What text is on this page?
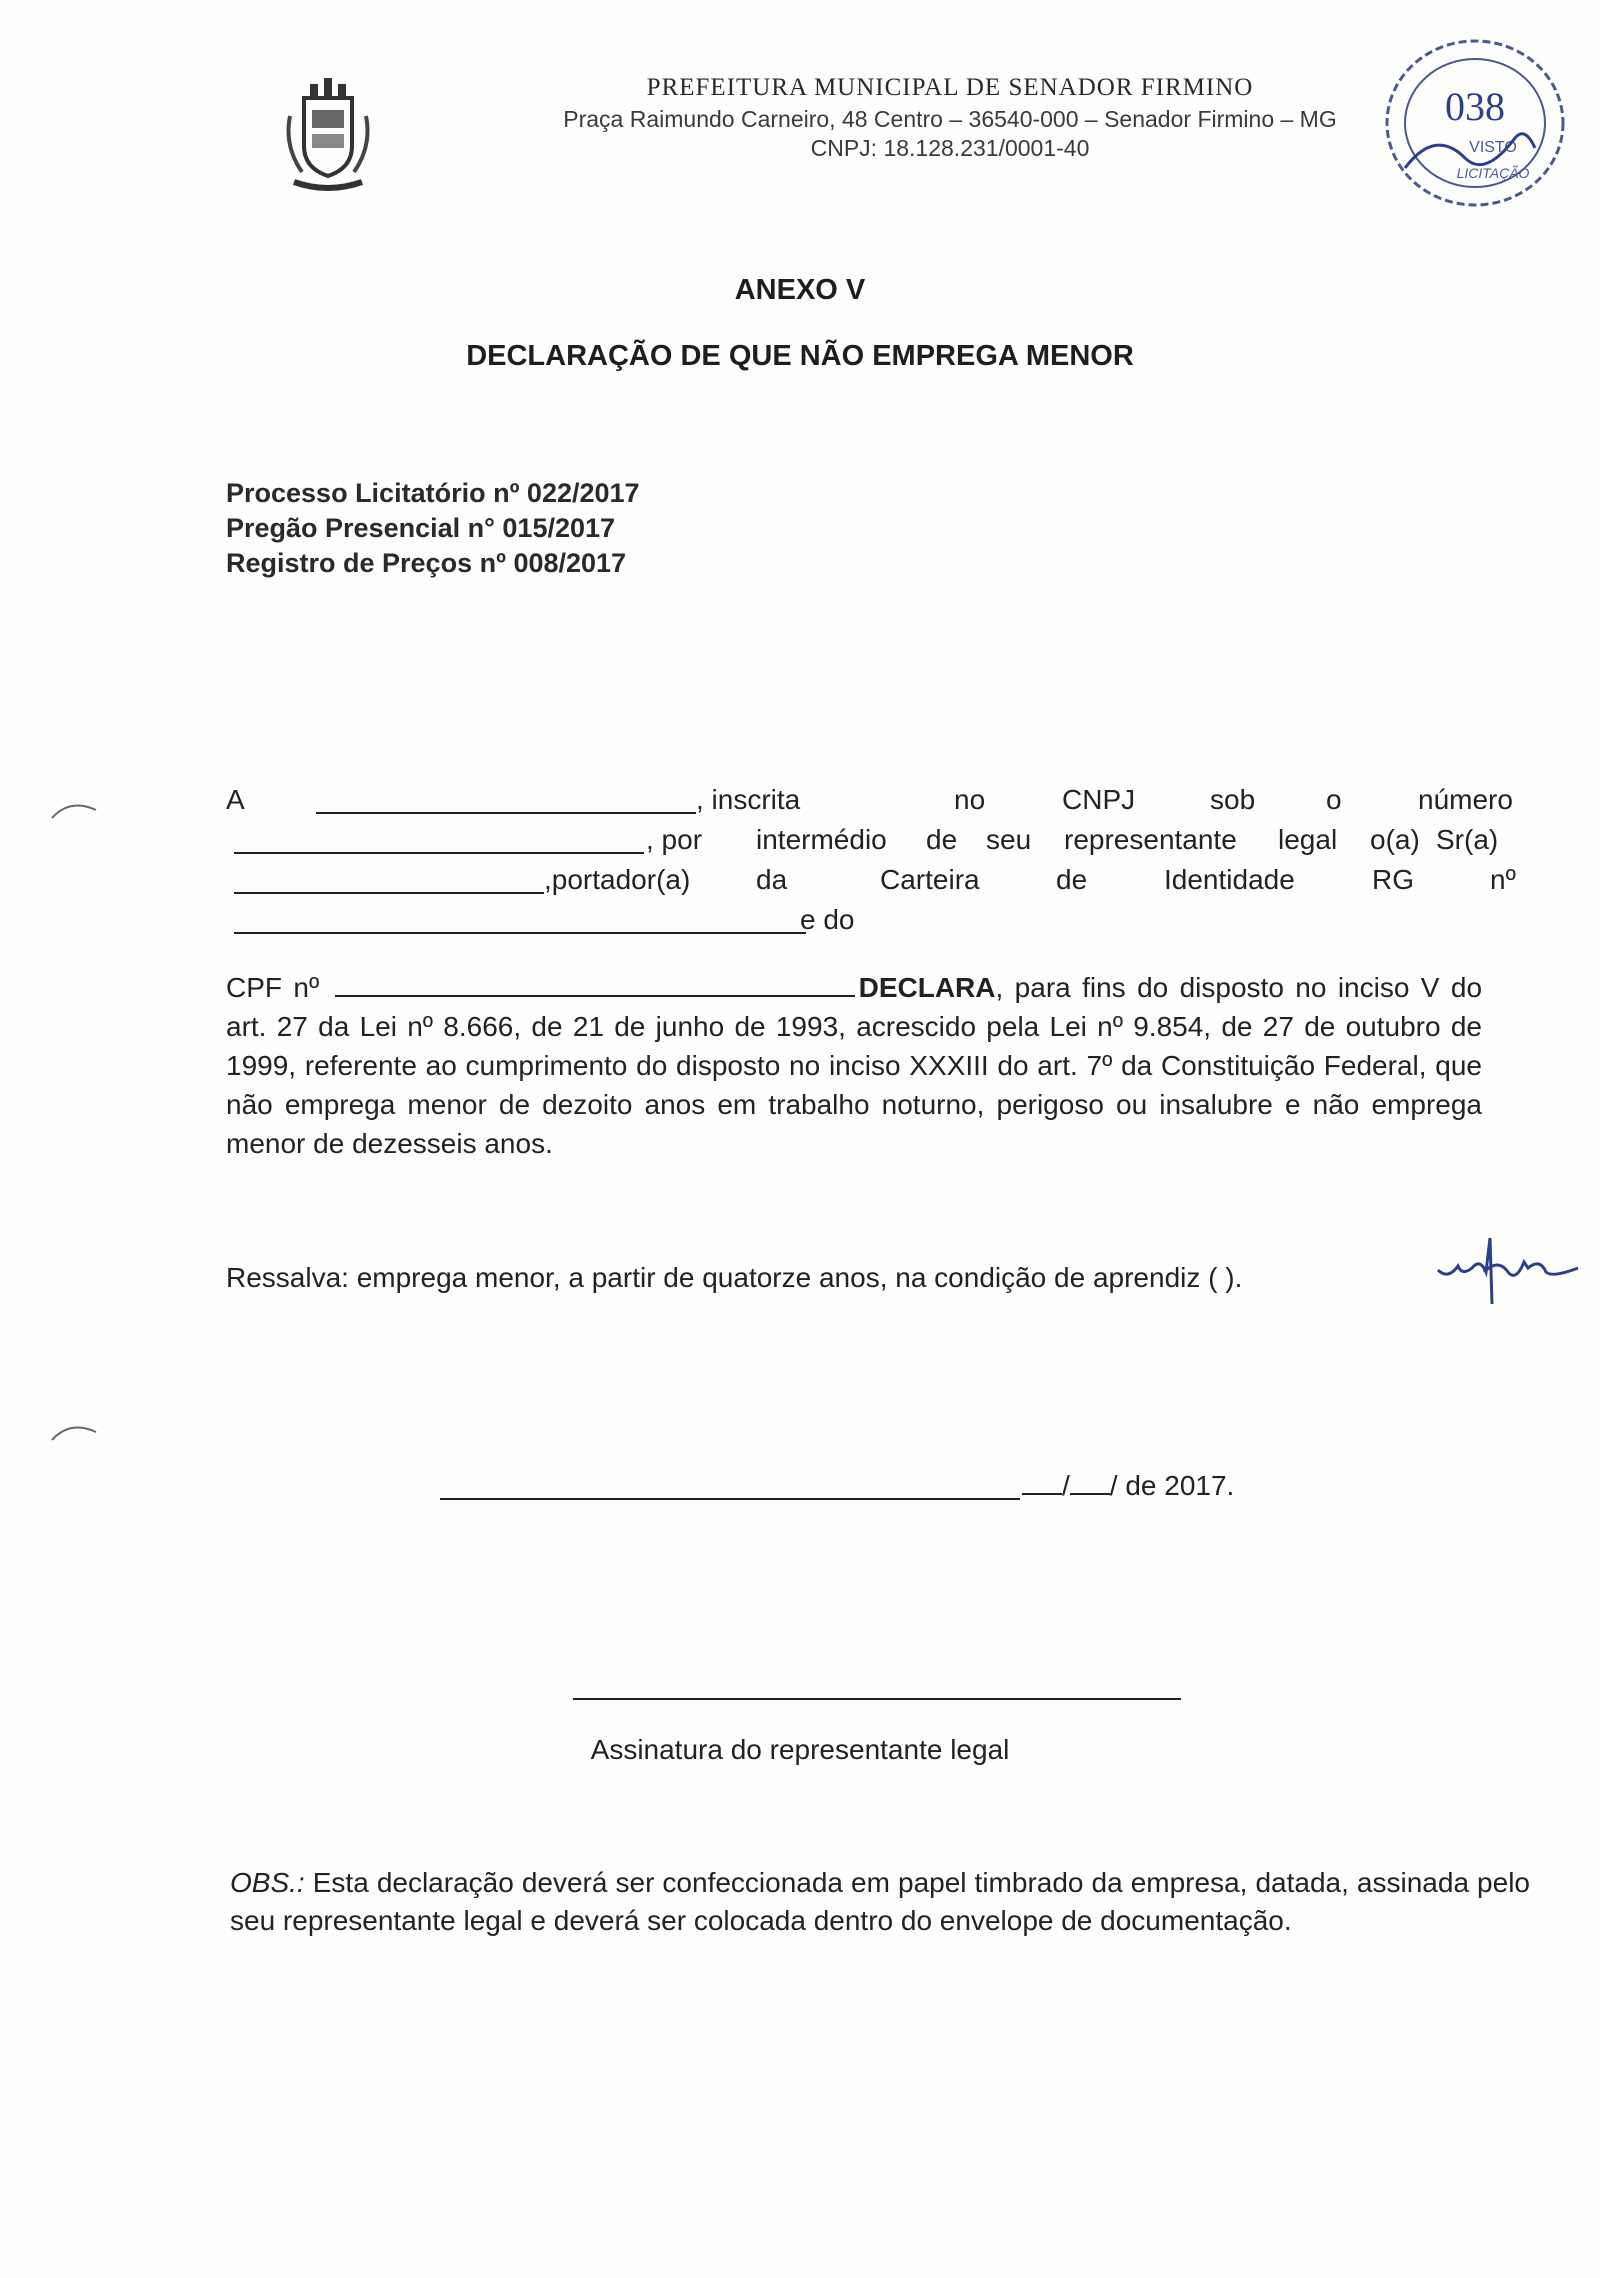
PREFEITURA MUNICIPAL DE SENADOR FIRMINO
Praça Raimundo Carneiro, 48 Centro – 36540-000 – Senador Firmino – MG
CNPJ: 18.128.231/0001-40
038
VISTO
LICITAÇÃO
ANEXO V
DECLARAÇÃO DE QUE NÃO EMPREGA MENOR
Processo Licitatório nº 022/2017
Pregão Presencial n° 015/2017
Registro de Preços nº 008/2017
A	, inscrita	no	CNPJ	sob	o	número
, por intermédio de seu representante legal o(a) Sr(a)
,portador(a) da	Carteira	de	Identidade	RG	nº
e do
CPF nº	DECLARA, para fins do disposto no inciso V do art. 27 da Lei nº 8.666, de 21 de junho de 1993, acrescido pela Lei nº 9.854, de 27 de outubro de 1999, referente ao cumprimento do disposto no inciso XXXIII do art. 7º da Constituição Federal, que não emprega menor de dezoito anos em trabalho noturno, perigoso ou insalubre e não emprega menor de dezesseis anos.
Ressalva: emprega menor, a partir de quatorze anos, na condição de aprendiz ( ).
/ / de 2017.
Assinatura do representante legal
OBS.: Esta declaração deverá ser confeccionada em papel timbrado da empresa, datada, assinada pelo seu representante legal e deverá ser colocada dentro do envelope de documentação.
